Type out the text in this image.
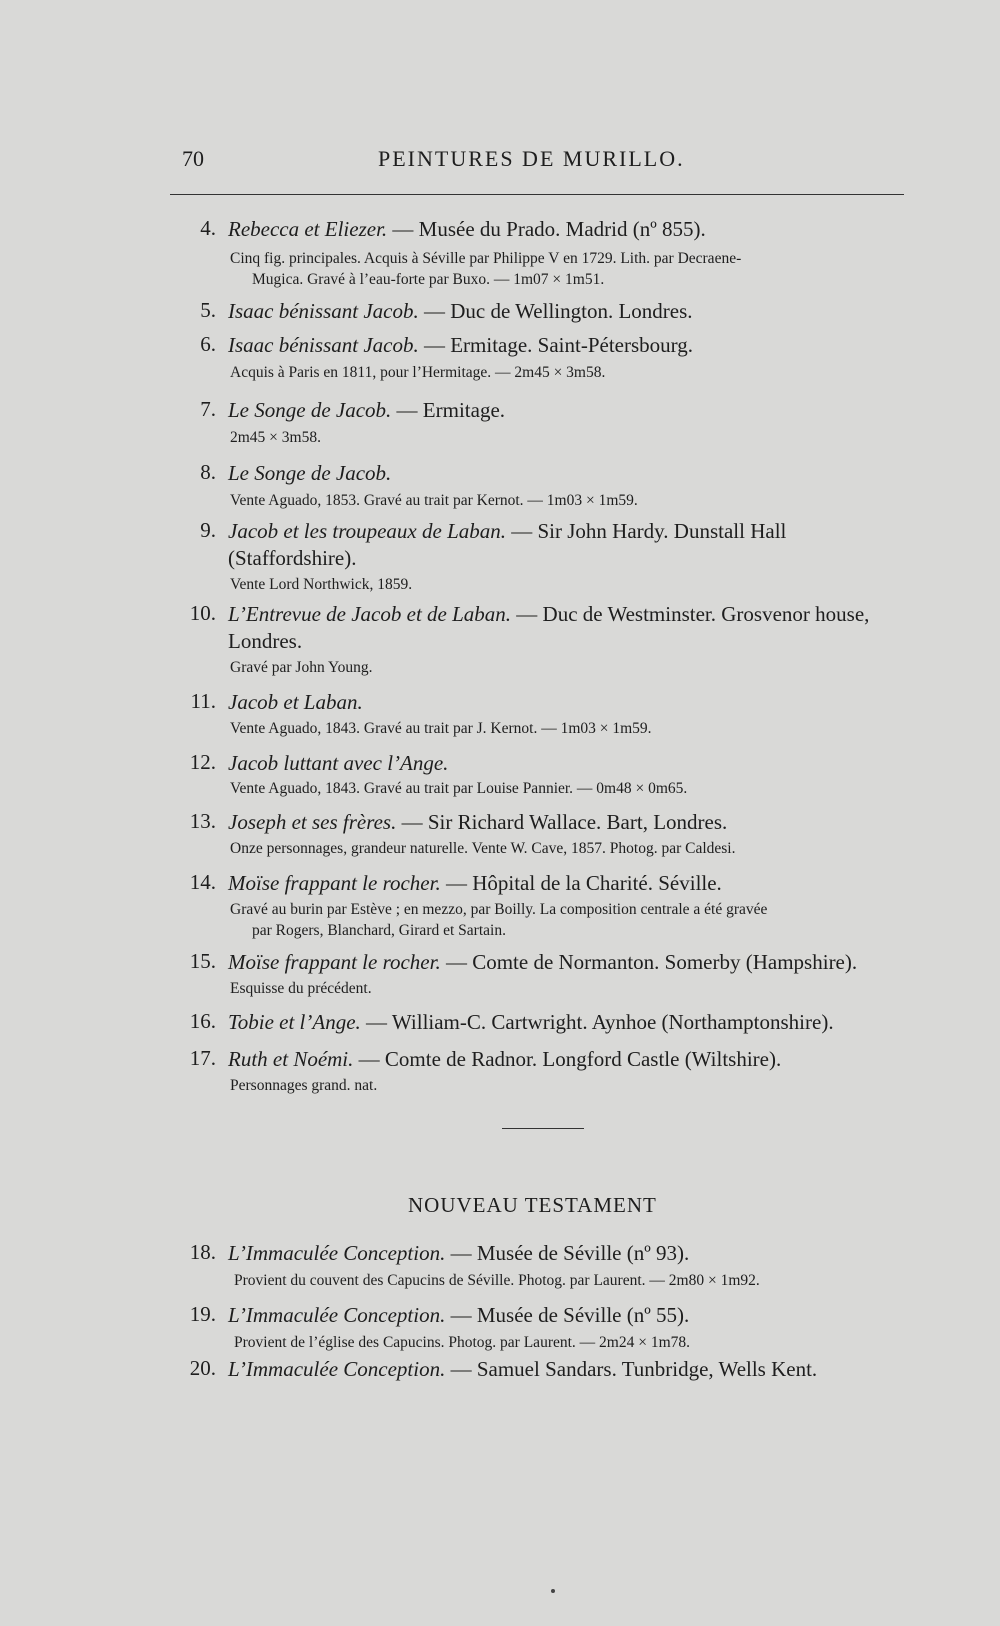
70	PEINTURES DE MURILLO.
4. Rebecca et Eliezer. — Musée du Prado. Madrid (nº 855).
Cinq fig. principales. Acquis à Séville par Philippe V en 1729. Lith. par Decraene-
Mugica. Gravé à l’eau-forte par Buxo. — 1m07 × 1m51.
5. Isaac bénissant Jacob. — Duc de Wellington. Londres.
6. Isaac bénissant Jacob. — Ermitage. Saint-Pétersbourg.
Acquis à Paris en 1811, pour l’Hermitage. — 2m45 × 3m58.
7. Le Songe de Jacob. — Ermitage.
2m45 × 3m58.
8. Le Songe de Jacob.
Vente Aguado, 1853. Gravé au trait par Kernot. — 1m03 × 1m59.
9. Jacob et les troupeaux de Laban. — Sir John Hardy. Dunstall Hall (Staffordshire).
Vente Lord Northwick, 1859.
10. L’Entrevue de Jacob et de Laban. — Duc de Westminster. Grosvenor house, Londres.
Gravé par John Young.
11. Jacob et Laban.
Vente Aguado, 1843. Gravé au trait par J. Kernot. — 1m03 × 1m59.
12. Jacob luttant avec l’Ange.
Vente Aguado, 1843. Gravé au trait par Louise Pannier. — 0m48 × 0m65.
13. Joseph et ses frères. — Sir Richard Wallace. Bart, Londres.
Onze personnages, grandeur naturelle. Vente W. Cave, 1857. Photog. par Caldesi.
14. Moïse frappant le rocher. — Hôpital de la Charité. Séville.
Gravé au burin par Estève ; en mezzo, par Boilly. La composition centrale a été gravée
par Rogers, Blanchard, Girard et Sartain.
15. Moïse frappant le rocher. — Comte de Normanton. Somerby (Hampshire).
Esquisse du précédent.
16. Tobie et l’Ange. — William-C. Cartwright. Aynhoe (Northamptonshire).
17. Ruth et Noémi. — Comte de Radnor. Longford Castle (Wiltshire).
Personnages grand. nat.
NOUVEAU TESTAMENT
18. L’Immaculée Conception. — Musée de Séville (nº 93).
Provient du couvent des Capucins de Séville. Photog. par Laurent. — 2m80 × 1m92.
19. L’Immaculée Conception. — Musée de Séville (nº 55).
Provient de l’église des Capucins. Photog. par Laurent. — 2m24 × 1m78.
20. L’Immaculée Conception. — Samuel Sandars. Tunbridge, Wells Kent.
